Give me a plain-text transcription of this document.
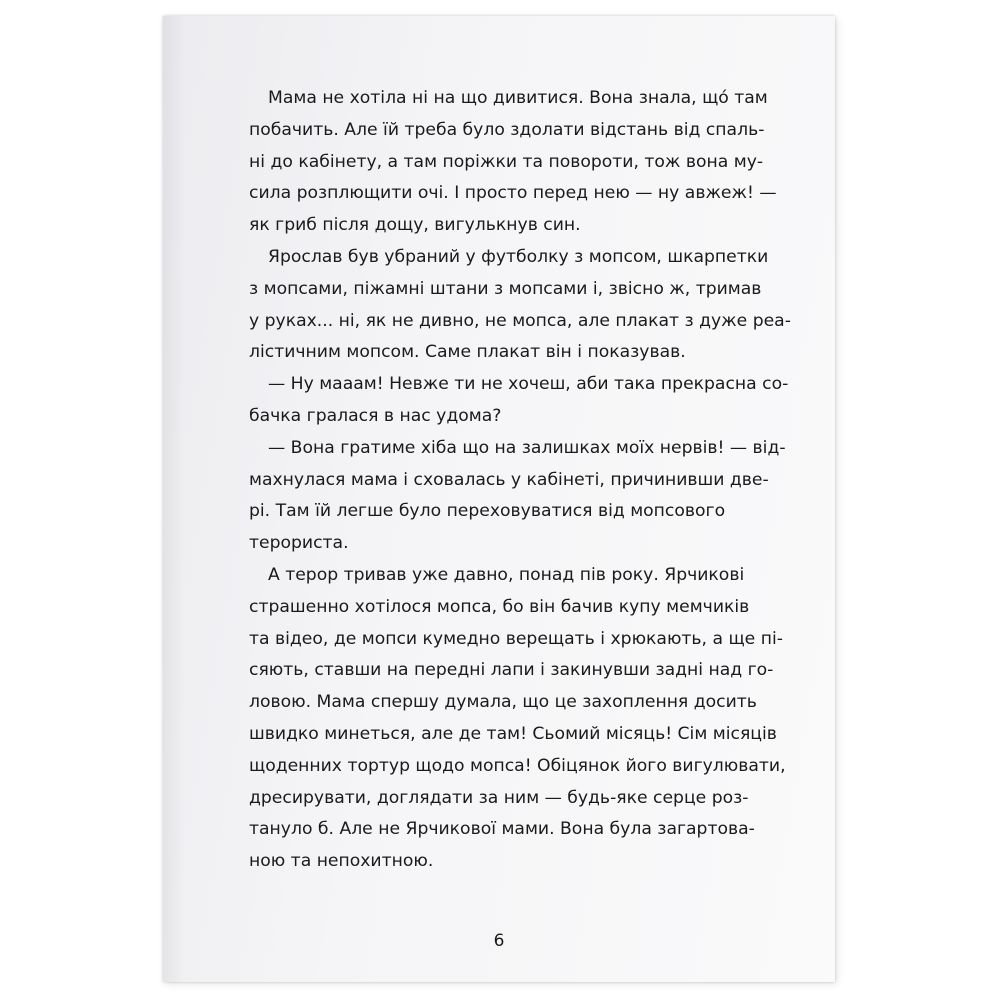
Мама не хотіла ні на що дивитися. Вона знала, що́ там
побачить. Але їй треба було здолати відстань від спаль-
ні до кабінету, а там поріжки та повороти, тож вона му-
сила розплющити очі. І просто перед нею — ну авжеж! —
як гриб після дощу, вигулькнув син.
Ярослав був убраний у футболку з мопсом, шкарпетки
з мопсами, піжамні штани з мопсами і, звісно ж, тримав
у руках... ні, як не дивно, не мопса, але плакат з дуже реа-
лістичним мопсом. Саме плакат він і показував.
— Ну мааам! Невже ти не хочеш, аби така прекрасна со-
бачка гралася в нас удома?
— Вона гратиме хіба що на залишках моїх нервів! — від-
махнулася мама і сховалась у кабінеті, причинивши две-
рі. Там їй легше було переховуватися від мопсового
терориста.
А терор тривав уже давно, понад пів року. Ярчикові
страшенно хотілося мопса, бо він бачив купу мемчиків
та відео, де мопси кумедно верещать і хрюкають, а ще пі-
сяють, ставши на передні лапи і закинувши задні над го-
ловою. Мама спершу думала, що це захоплення досить
швидко минеться, але де там! Сьомий місяць! Сім місяців
щоденних тортур щодо мопса! Обіцянок його вигулювати,
дресирувати, доглядати за ним — будь-яке серце роз-
тануло б. Але не Ярчикової мами. Вона була загартова-
ною та непохитною.
6
